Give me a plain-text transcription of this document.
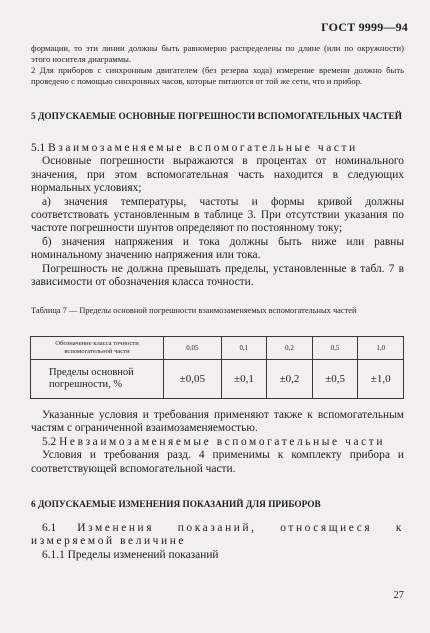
ГОСТ 9999—94

формации, то эти линии должны быть равномерно распределены по длине (или по окружности) этого носителя диаграммы.

2 Для приборов с синхронным двигателем (без резерва хода) измерение времени должно быть проведено с помощью синхронных часов, которые питаются от той же сети, что и прибор.

5 ДОПУСКАЕМЫЕ ОСНОВНЫЕ ПОГРЕШНОСТИ ВСПОМОГАТЕЛЬНЫХ ЧАСТЕЙ

5.1 Взаимозаменяемые вспомогательные части

Основные погрешности выражаются в процентах от номинального значения, при этом вспомогательная часть находится в следующих нормальных условиях;

а) значения температуры, частоты и формы кривой должны соответствовать установленным в таблице 3. При отсутствии указания по частоте погрешности шунтов определяют по постоянному току;

б) значения напряжения и тока должны быть ниже или равны номинальному значению напряжения или тока.

Погрешность не должна превышать пределы, установленные в табл. 7 в зависимости от обозначения класса точности.

Таблица 7 — Пределы основной погрешности взаимозаменяемых вспомогательных частей
Обозначение класса точности вспомогательной части	0,05	0,1	0,2	0,5	1,0
Пределы основной погрешности, %	±0,05	±0,1	±0,2	±0,5	±1,0

Указанные условия и требования применяют также к вспомогательным частям с ограниченной взаимозаменяемостью.

5.2 Невзаимозаменяемые вспомогательные части

Условия и требования разд. 4 применимы к комплекту прибора и соответствующей вспомогательной части.

6 ДОПУСКАЕМЫЕ ИЗМЕНЕНИЯ ПОКАЗАНИЙ ДЛЯ ПРИБОРОВ

6.1 Изменения показаний, относящиеся к измеряемой величине

6.1.1 Пределы изменений показаний

27
